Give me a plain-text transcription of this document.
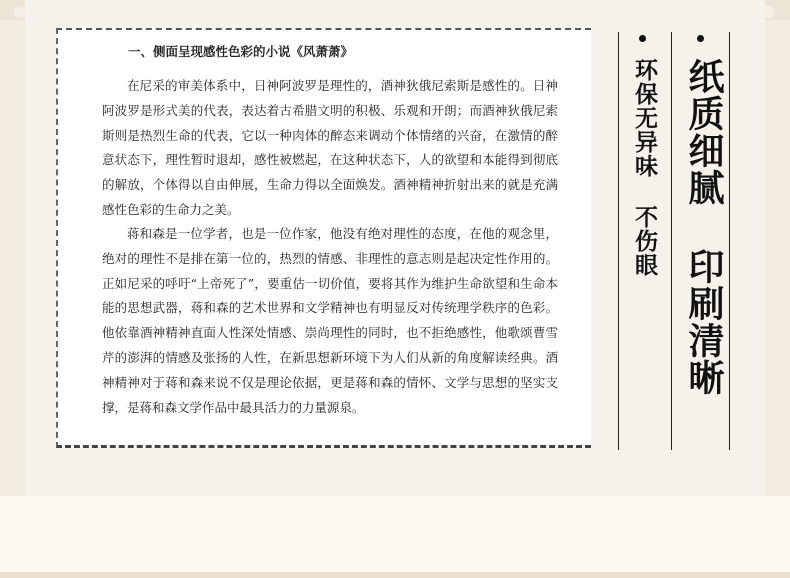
一、侧面呈现感性色彩的小说《风萧萧》

在尼采的审美体系中，日神阿波罗是理性的，酒神狄俄尼索斯是感性的。日神阿波罗是形式美的代表，表达着古希腊文明的积极、乐观和开朗；而酒神狄俄尼索斯则是热烈生命的代表，它以一种肉体的醉态来调动个体情绪的兴奋，在激情的醉意状态下，理性暂时退却，感性被燃起，在这种状态下，人的欲望和本能得到彻底的解放，个体得以自由伸展，生命力得以全面焕发。酒神精神折射出来的就是充满感性色彩的生命力之美。

蒋和森是一位学者，也是一位作家，他没有绝对理性的态度，在他的观念里，绝对的理性不是排在第一位的，热烈的情感、非理性的意志则是起决定性作用的。正如尼采的呼吁“上帝死了”，要重估一切价值，要将其作为维护生命欲望和生命本能的思想武器，蒋和森的艺术世界和文学精神也有明显反对传统理学秩序的色彩。他依靠酒神精神直面人性深处情感、崇尚理性的同时，也不拒绝感性，他歌颂曹雪芹的澎湃的情感及张扬的人性，在新思想新环境下为人们从新的角度解读经典。酒神精神对于蒋和森来说不仅是理论依据，更是蒋和森的情怀、文学与思想的坚实支撑，是蒋和森文学作品中最具活力的力量源泉。

环保无异味 不伤眼 纸质细腻 印刷清晰
